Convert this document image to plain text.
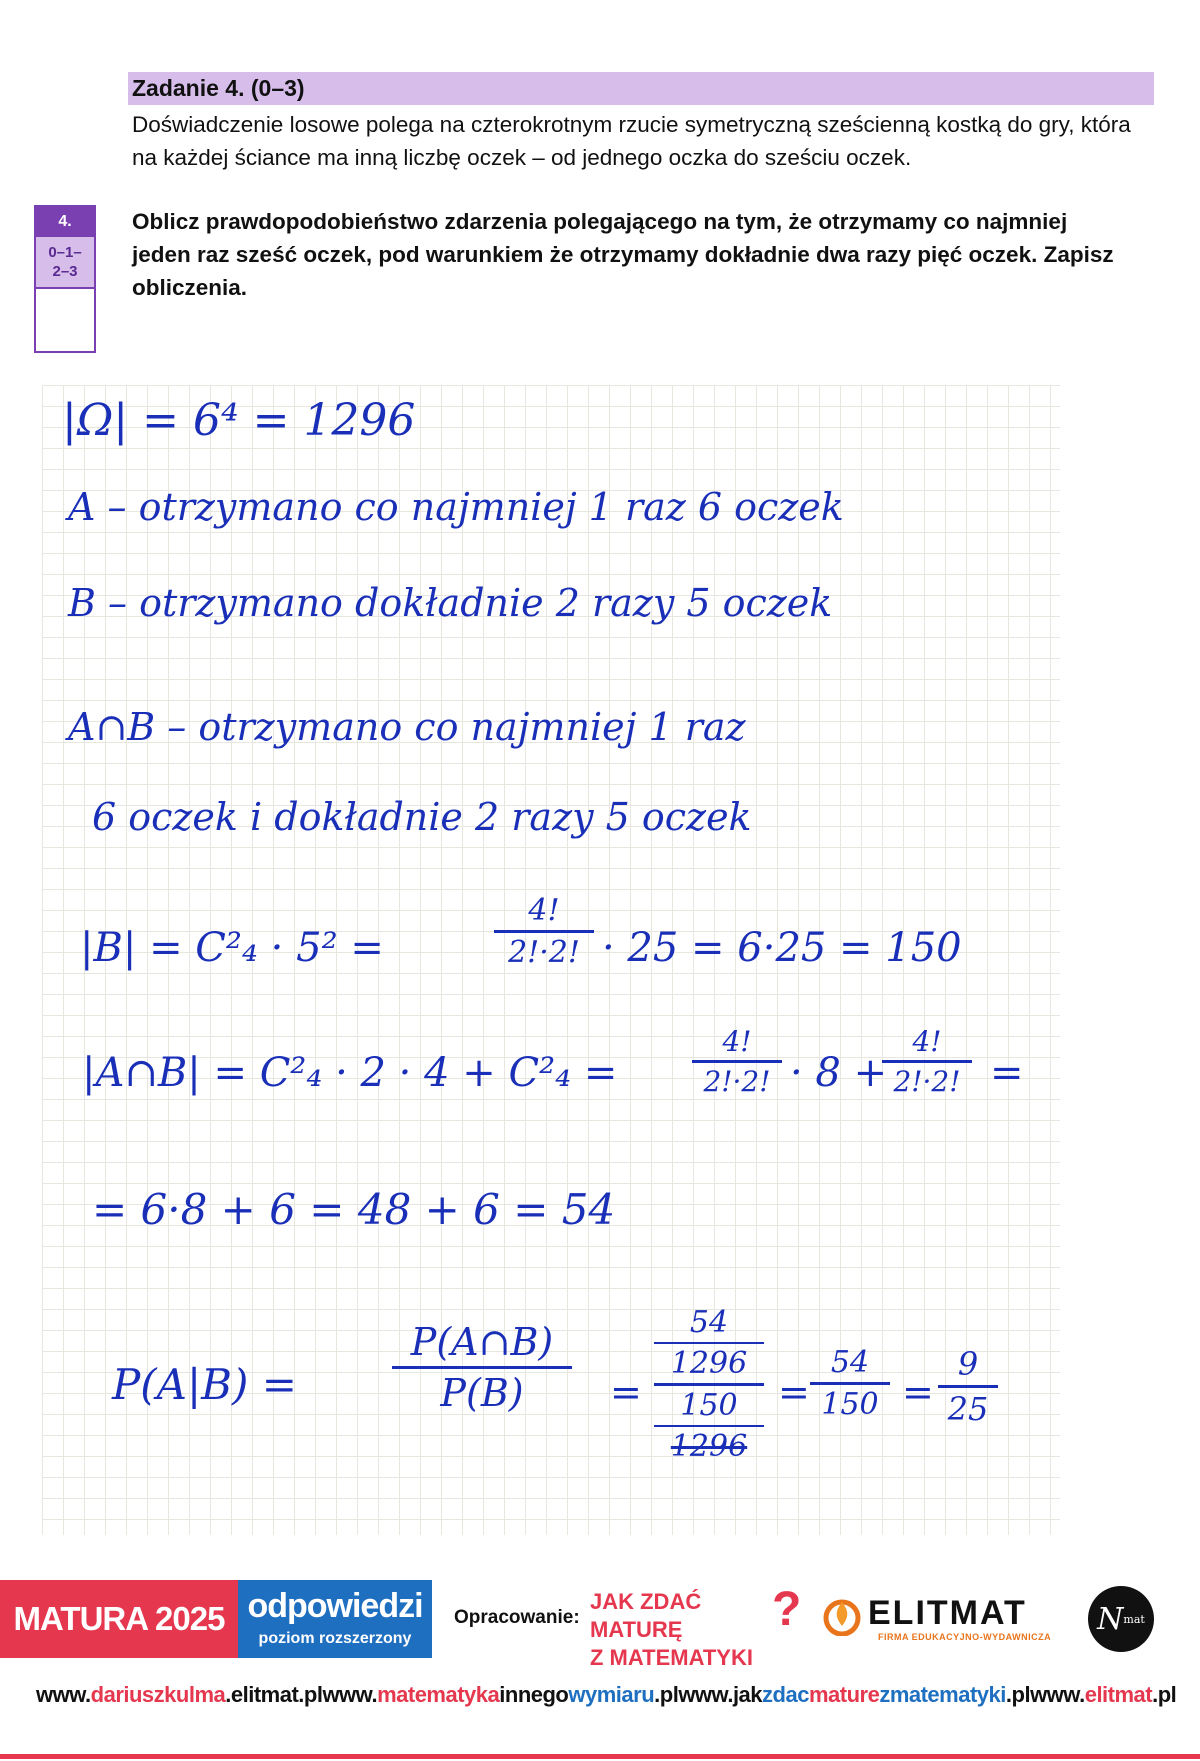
Zadanie 4. (0–3)

Doświadczenie losowe polega na czterokrotnym rzucie symetryczną sześcienną kostką do gry, która na każdej ściance ma inną liczbę oczek – od jednego oczka do sześciu oczek.

4.
0–1–
2–3

Oblicz prawdopodobieństwo zdarzenia polegającego na tym, że otrzymamy co najmniej jeden raz sześć oczek, pod warunkiem że otrzymamy dokładnie dwa razy pięć oczek. Zapisz obliczenia.

|Ω| = 6⁴ = 1296
A – otrzymano co najmniej 1 raz 6 oczek
B – otrzymano dokładnie 2 razy 5 oczek
A∩B – otrzymano co najmniej 1 raz
6 oczek i dokładnie 2 razy 5 oczek
|B| = C²₄ · 5² =
4!
2!·2! · 25 = 6·25 = 150
|A∩B| = C²₄ · 2 · 4 + C²₄ =
4!
2!·2! · 8 +
4!
2!·2! =
= 6·8 + 6 = 48 + 6 = 54
P(A|B) =
P(A∩B)
P(B)	=
54
1296
150
1296
=
54
150 =
9
25
MATURA 2025 odpowiedzi
poziom rozszerzony
Opracowanie:
JAK ZDAĆ MATURĘ
Z MATEMATYKI
? ELITMAT
FIRMA EDUKACYJNO-WYDAWNICZA
N mat
www.dariuszkulma.elitmat.pl www.matematykainnegowymiaru.pl www.jakzdacmaturezmatematyki.pl www.elitmat.pl
